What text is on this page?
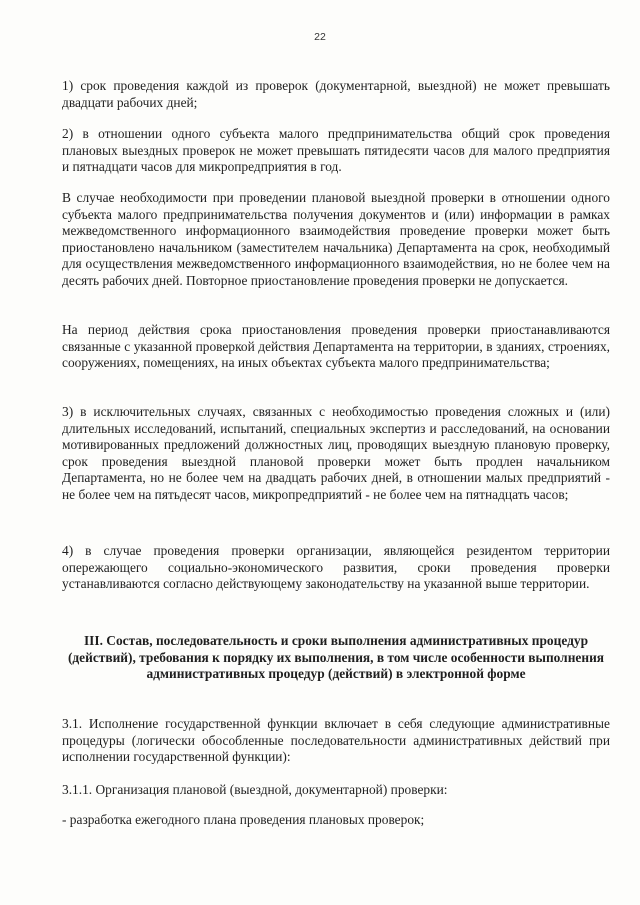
22

1) срок проведения каждой из проверок (документарной, выездной) не может превышать двадцати рабочих дней;

2) в отношении одного субъекта малого предпринимательства общий срок проведения плановых выездных проверок не может превышать пятидесяти часов для малого предприятия и пятнадцати часов для микропредприятия в год.

В случае необходимости при проведении плановой выездной проверки в отношении одного субъекта малого предпринимательства получения документов и (или) информации в рамках межведомственного информационного взаимодействия проведение проверки может быть приостановлено начальником (заместителем начальника) Департамента на срок, необходимый для осуществления межведомственного информационного взаимодействия, но не более чем на десять рабочих дней. Повторное приостановление проведения проверки не допускается.

На период действия срока приостановления проведения проверки приостанавливаются связанные с указанной проверкой действия Департамента на территории, в зданиях, строениях, сооружениях, помещениях, на иных объектах субъекта малого предпринимательства;

3) в исключительных случаях, связанных с необходимостью проведения сложных и (или) длительных исследований, испытаний, специальных экспертиз и расследований, на основании мотивированных предложений должностных лиц, проводящих выездную плановую проверку, срок проведения выездной плановой проверки может быть продлен начальником Департамента, но не более чем на двадцать рабочих дней, в отношении малых предприятий - не более чем на пятьдесят часов, микропредприятий - не более чем на пятнадцать часов;

4) в случае проведения проверки организации, являющейся резидентом территории опережающего социально-экономического развития, сроки проведения проверки устанавливаются согласно действующему законодательству на указанной выше территории.

III. Состав, последовательность и сроки выполнения административных процедур (действий), требования к порядку их выполнения, в том числе особенности выполнения административных процедур (действий) в электронной форме

3.1. Исполнение государственной функции включает в себя следующие административные процедуры (логически обособленные последовательности административных действий при исполнении государственной функции):

3.1.1. Организация плановой (выездной, документарной) проверки:

- разработка ежегодного плана проведения плановых проверок;
